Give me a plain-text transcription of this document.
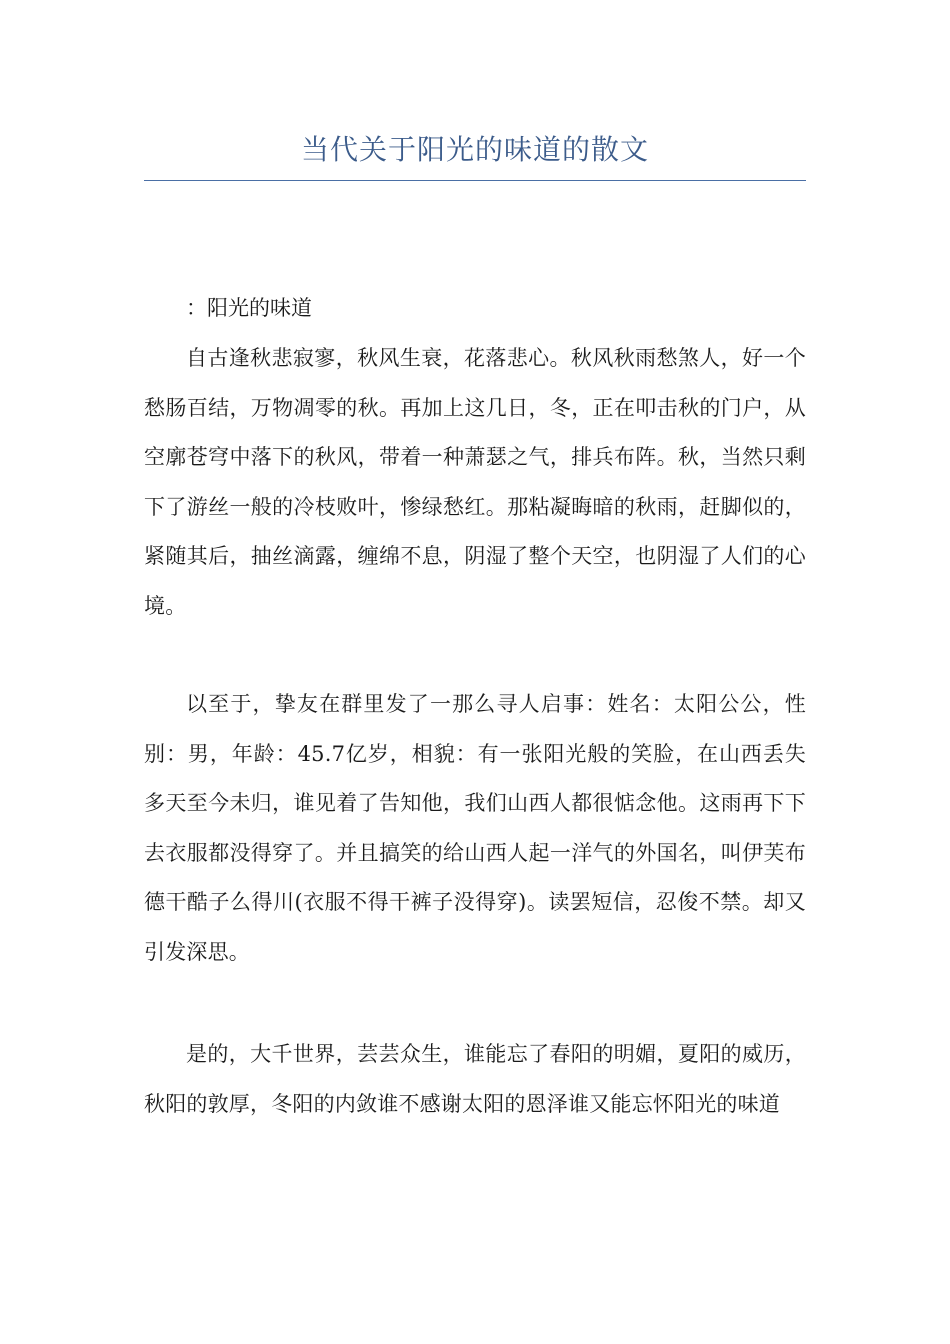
当代关于阳光的味道的散文
：阳光的味道

自古逢秋悲寂寥，秋风生衰，花落悲心。秋风秋雨愁煞人，好一个愁肠百结，万物凋零的秋。再加上这几日，冬，正在叩击秋的门户，从空廓苍穹中落下的秋风，带着一种萧瑟之气，排兵布阵。秋，当然只剩下了游丝一般的冷枝败叶，惨绿愁红。那粘凝晦暗的秋雨，赶脚似的，紧随其后，抽丝滴露，缠绵不息，阴湿了整个天空，也阴湿了人们的心境。

以至于，挚友在群里发了一那么寻人启事：姓名：太阳公公，性别：男，年龄：45.7亿岁，相貌：有一张阳光般的笑脸，在山西丢失多天至今未归，谁见着了告知他，我们山西人都很惦念他。这雨再下下去衣服都没得穿了。并且搞笑的给山西人起一洋气的外国名，叫伊芙布德干酷子么得川(衣服不得干裤子没得穿)。读罢短信，忍俊不禁。却又引发深思。

是的，大千世界，芸芸众生，谁能忘了春阳的明媚，夏阳的威历，秋阳的敦厚，冬阳的内敛谁不感谢太阳的恩泽谁又能忘怀阳光的味道
